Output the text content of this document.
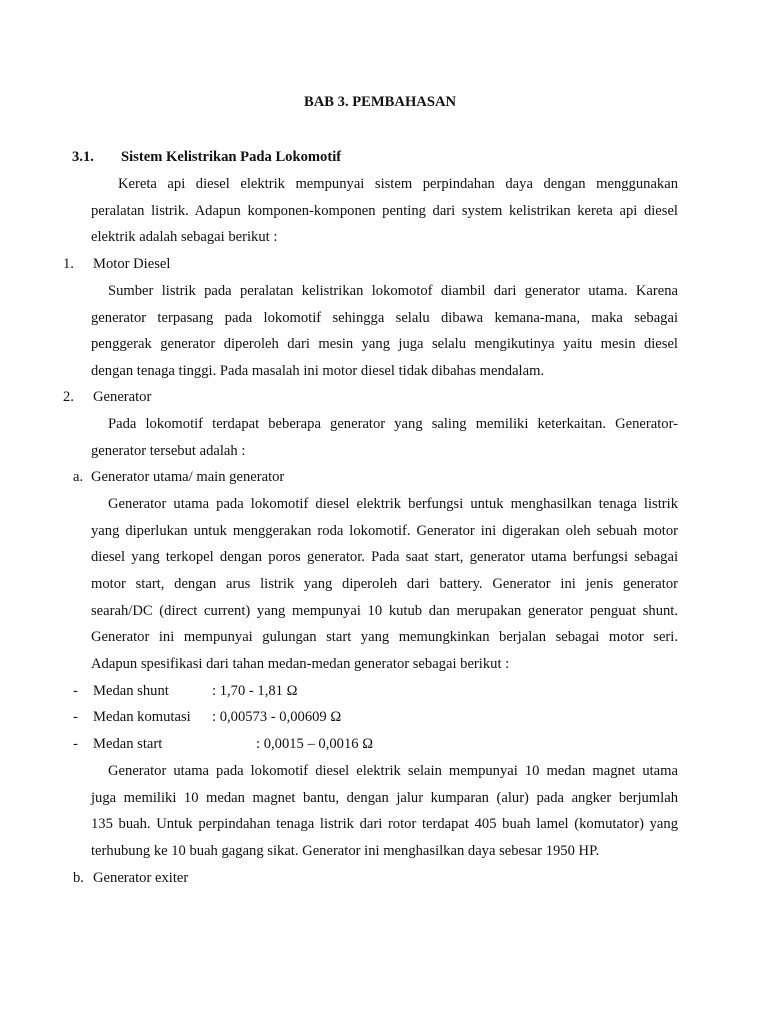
BAB 3. PEMBAHASAN
3.1. Sistem Kelistrikan Pada Lokomotif
Kereta api diesel elektrik mempunyai sistem perpindahan daya dengan menggunakan
peralatan listrik. Adapun komponen-komponen penting dari system kelistrikan kereta api diesel
elektrik adalah sebagai berikut :
1. Motor Diesel
Sumber listrik pada peralatan kelistrikan lokomotof diambil dari generator utama. Karena
generator terpasang pada lokomotif sehingga selalu dibawa kemana-mana, maka sebagai
penggerak generator diperoleh dari mesin yang juga selalu mengikutinya yaitu mesin diesel
dengan tenaga tinggi. Pada masalah ini motor diesel tidak dibahas mendalam.
2. Generator
Pada lokomotif terdapat beberapa generator yang saling memiliki keterkaitan. Generator-
generator tersebut adalah :
a. Generator utama/ main generator
Generator utama pada lokomotif diesel elektrik berfungsi untuk menghasilkan tenaga listrik
yang diperlukan untuk menggerakan roda lokomotif. Generator ini digerakan oleh sebuah motor
diesel yang terkopel dengan poros generator. Pada saat start, generator utama berfungsi sebagai
motor start, dengan arus listrik yang diperoleh dari battery. Generator ini jenis generator
searah/DC (direct current) yang mempunyai 10 kutub dan merupakan generator penguat shunt.
Generator ini mempunyai gulungan start yang memungkinkan berjalan sebagai motor seri.
Adapun spesifikasi dari tahan medan-medan generator sebagai berikut :
- Medan shunt	: 1,70 - 1,81 Ω
- Medan komutasi : 0,00573 - 0,00609 Ω
- Medan start	: 0,0015 – 0,0016 Ω
Generator utama pada lokomotif diesel elektrik selain mempunyai 10 medan magnet utama
juga memiliki 10 medan magnet bantu, dengan jalur kumparan (alur) pada angker berjumlah
135 buah. Untuk perpindahan tenaga listrik dari rotor terdapat 405 buah lamel (komutator) yang
terhubung ke 10 buah gagang sikat. Generator ini menghasilkan daya sebesar 1950 HP.
b. Generator exiter
